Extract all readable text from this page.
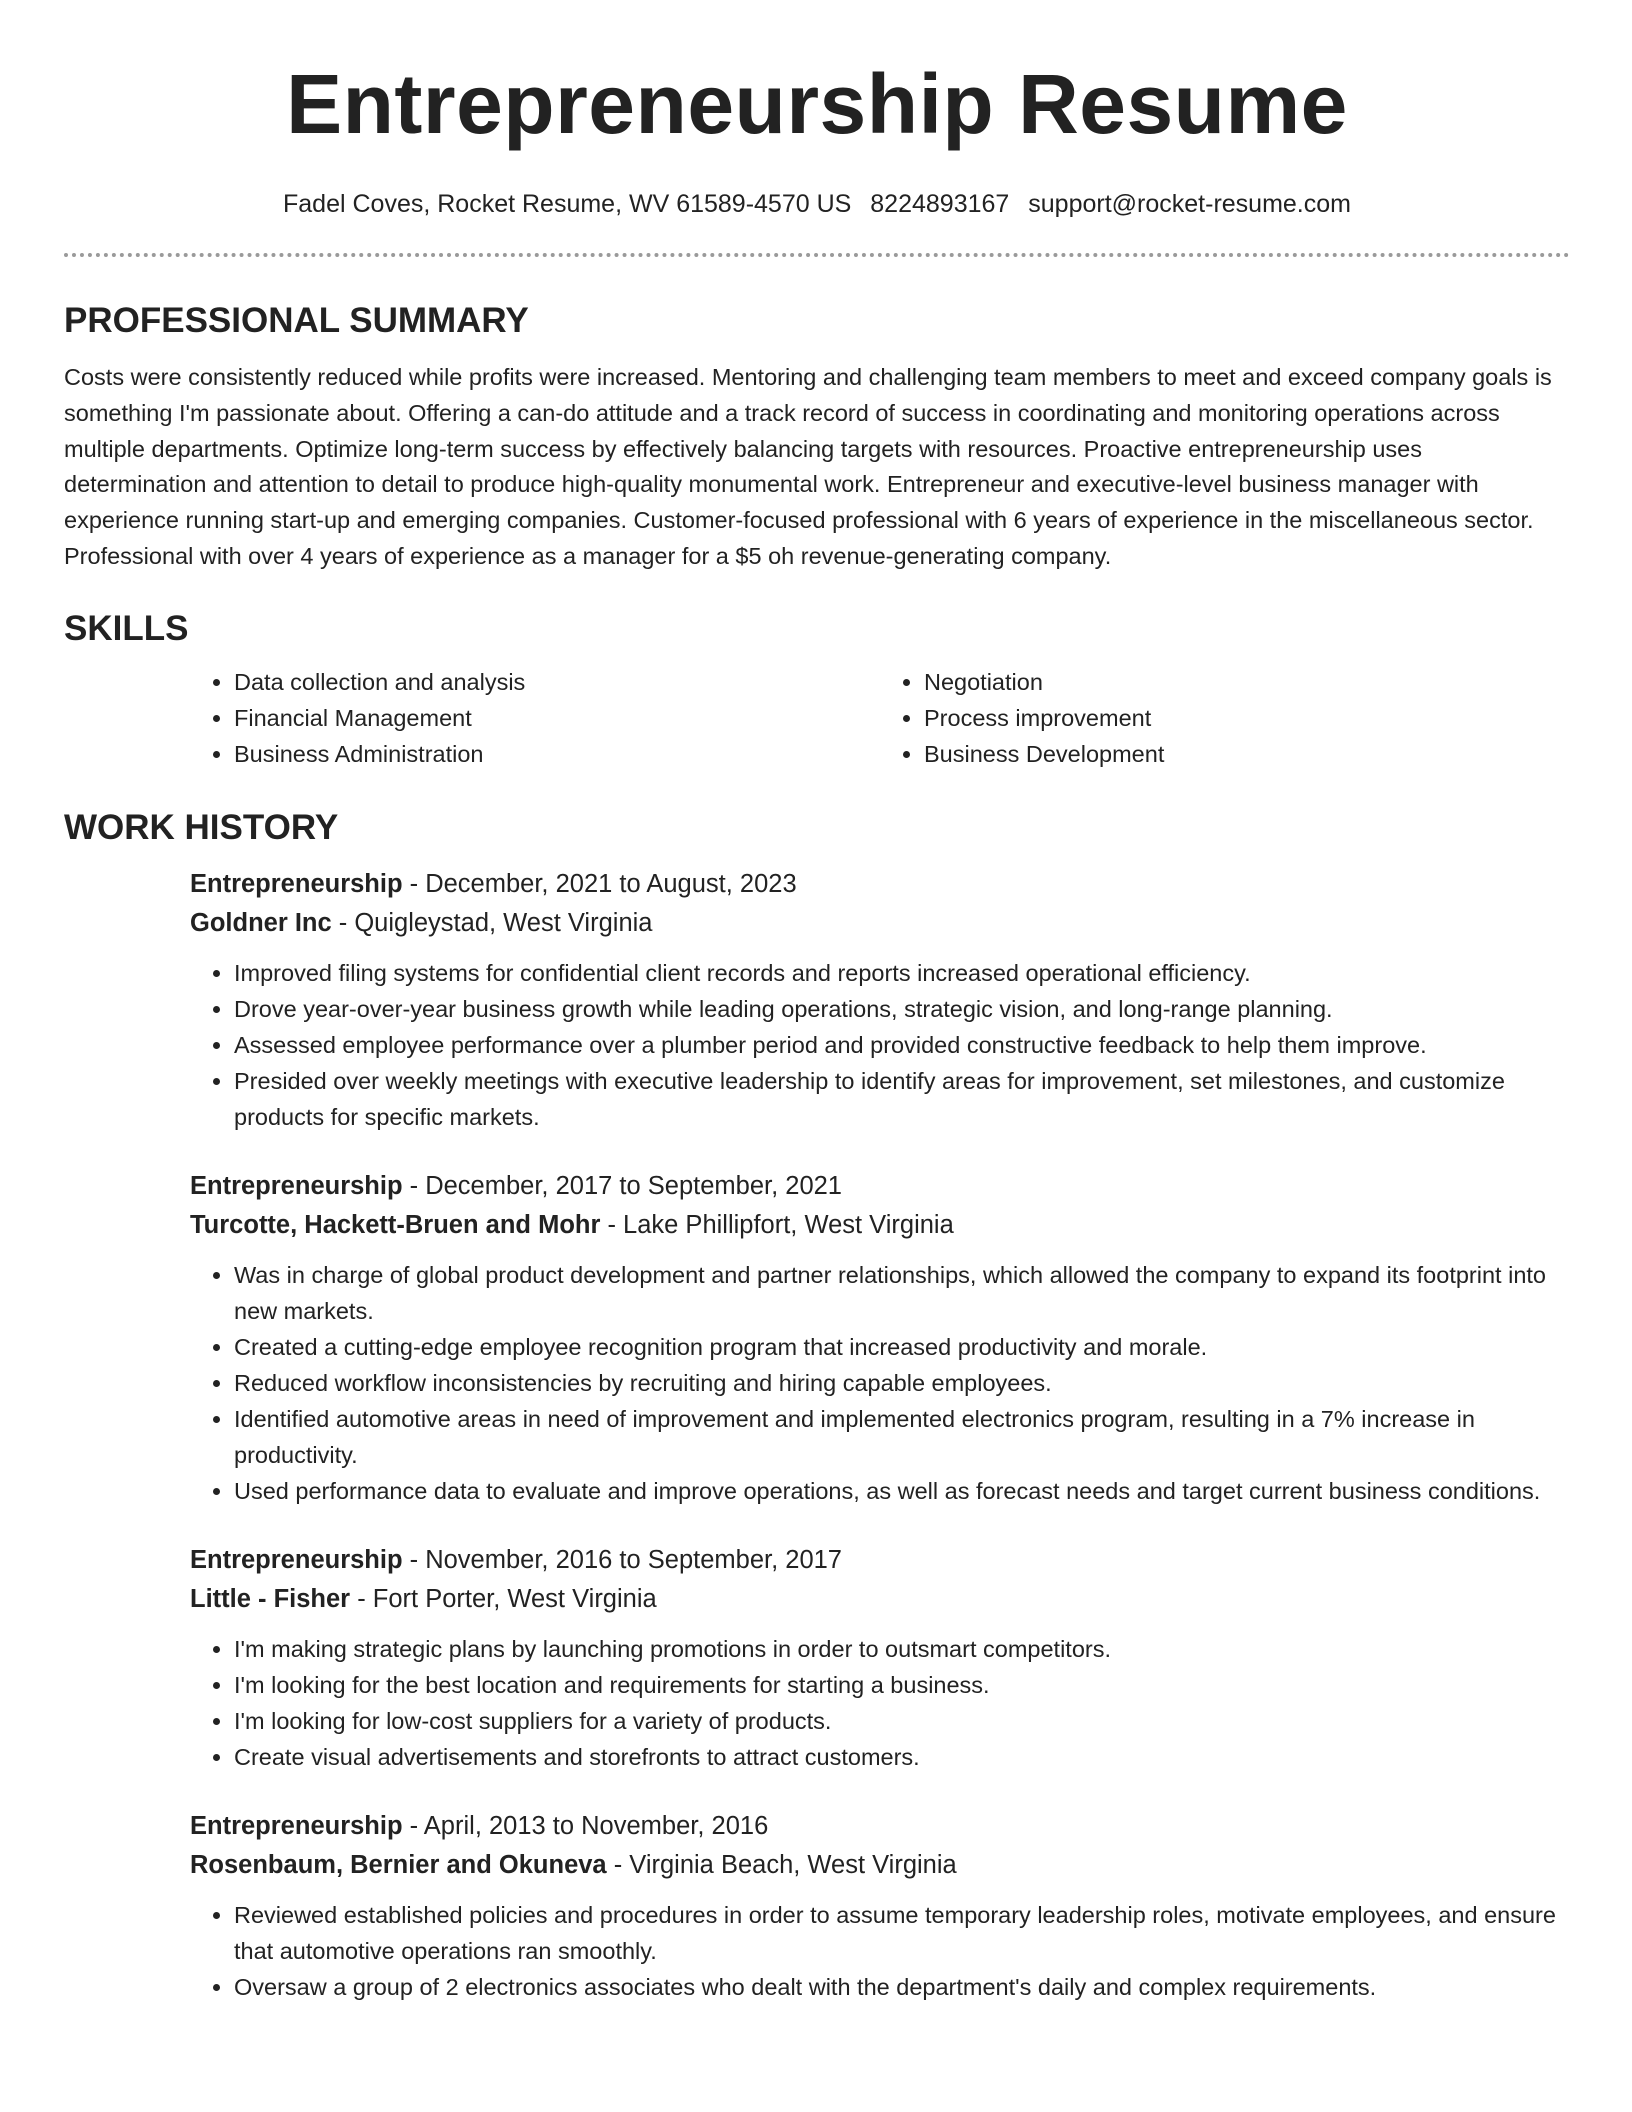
Entrepreneurship Resume
Fadel Coves, Rocket Resume, WV 61589-4570 US 8224893167 support@rocket-resume.com
PROFESSIONAL SUMMARY

Costs were consistently reduced while profits were increased. Mentoring and challenging team members to meet and exceed company goals is something I'm passionate about. Offering a can-do attitude and a track record of success in coordinating and monitoring operations across multiple departments. Optimize long-term success by effectively balancing targets with resources. Proactive entrepreneurship uses determination and attention to detail to produce high-quality monumental work. Entrepreneur and executive-level business manager with experience running start-up and emerging companies. Customer-focused professional with 6 years of experience in the miscellaneous sector. Professional with over 4 years of experience as a manager for a $5 oh revenue-generating company.

SKILLS
• Data collection and analysis
• Financial Management
• Business Administration
• Negotiation
• Process improvement
• Business Development
WORK HISTORY
Entrepreneurship - December, 2021 to August, 2023
Goldner Inc - Quigleystad, West Virginia
• Improved filing systems for confidential client records and reports increased operational efficiency.
• Drove year-over-year business growth while leading operations, strategic vision, and long-range planning.
• Assessed employee performance over a plumber period and provided constructive feedback to help them improve.
• Presided over weekly meetings with executive leadership to identify areas for improvement, set milestones, and customize products for specific markets.
Entrepreneurship - December, 2017 to September, 2021
Turcotte, Hackett-Bruen and Mohr - Lake Phillipfort, West Virginia
• Was in charge of global product development and partner relationships, which allowed the company to expand its footprint into new markets.
• Created a cutting-edge employee recognition program that increased productivity and morale.
• Reduced workflow inconsistencies by recruiting and hiring capable employees.
• Identified automotive areas in need of improvement and implemented electronics program, resulting in a 7% increase in productivity.
• Used performance data to evaluate and improve operations, as well as forecast needs and target current business conditions.
Entrepreneurship - November, 2016 to September, 2017
Little - Fisher - Fort Porter, West Virginia
• I'm making strategic plans by launching promotions in order to outsmart competitors.
• I'm looking for the best location and requirements for starting a business.
• I'm looking for low-cost suppliers for a variety of products.
• Create visual advertisements and storefronts to attract customers.
Entrepreneurship - April, 2013 to November, 2016
Rosenbaum, Bernier and Okuneva - Virginia Beach, West Virginia
• Reviewed established policies and procedures in order to assume temporary leadership roles, motivate employees, and ensure that automotive operations ran smoothly.
• Oversaw a group of 2 electronics associates who dealt with the department's daily and complex requirements.
